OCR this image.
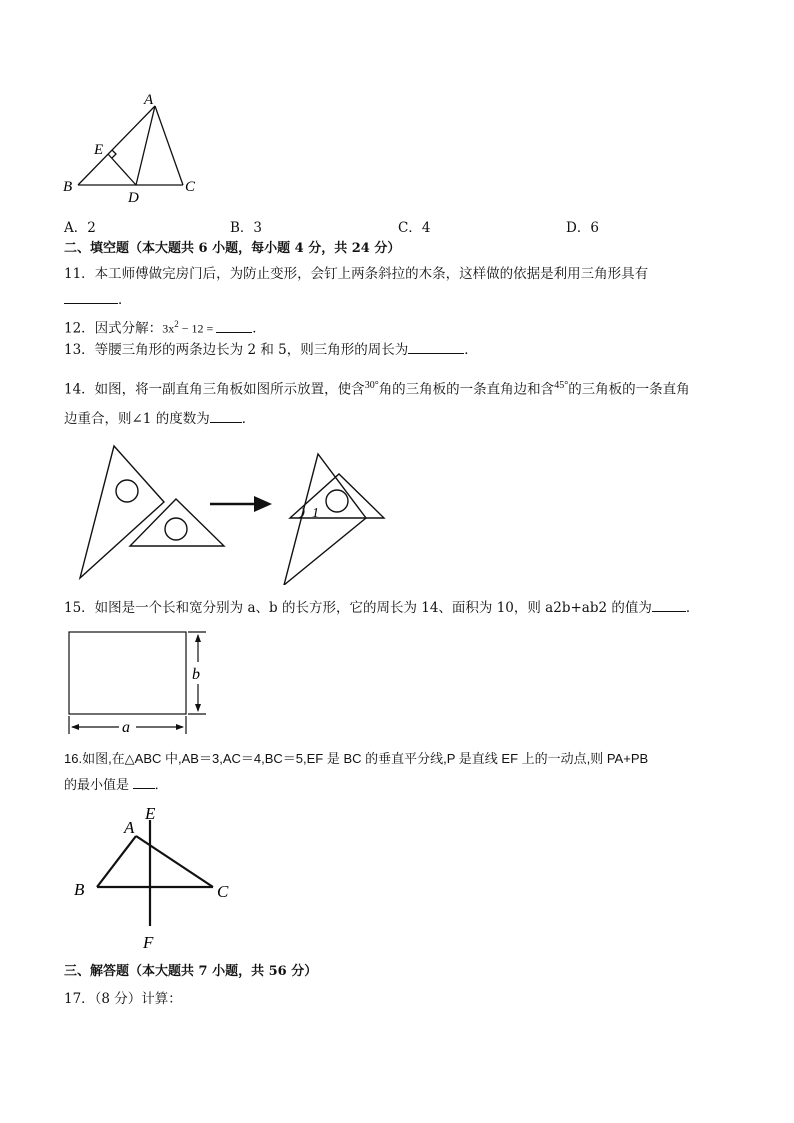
A
E
B
D
C
A．2	B．3	C．4	D．6
二、填空题（本大题共 6 小题，每小题 4 分，共 24 分）
11．本工师傅做完房门后，为防止变形，会钉上两条斜拉的木条，这样做的依据是利用三角形具有
．
12．因式分解：$3x^2 - 12$ =	．
13．等腰三角形的两条边长为 2 和 5，则三角形的周长为	．
14．如图，将一副直角三角板如图所示放置，使含$^{30^\circ}$角的三角板的一条直角边和含$^{45^\circ}$的三角板的一条直角
边重合，则∠1 的度数为 ．
1
15．如图是一个长和宽分别为 a、b 的长方形，它的周长为 14、面积为 10，则 a2b+ab2 的值为	．
a
b
16.如图,在△ABC 中,AB＝3,AC＝4,BC＝5,EF 是 BC 的垂直平分线,P 是直线 EF 上的一动点,则 PA+PB
的最小值是 ．
A
E
B	C
F
三、解答题（本大题共 7 小题，共 56 分）
17．（8 分）计算：
